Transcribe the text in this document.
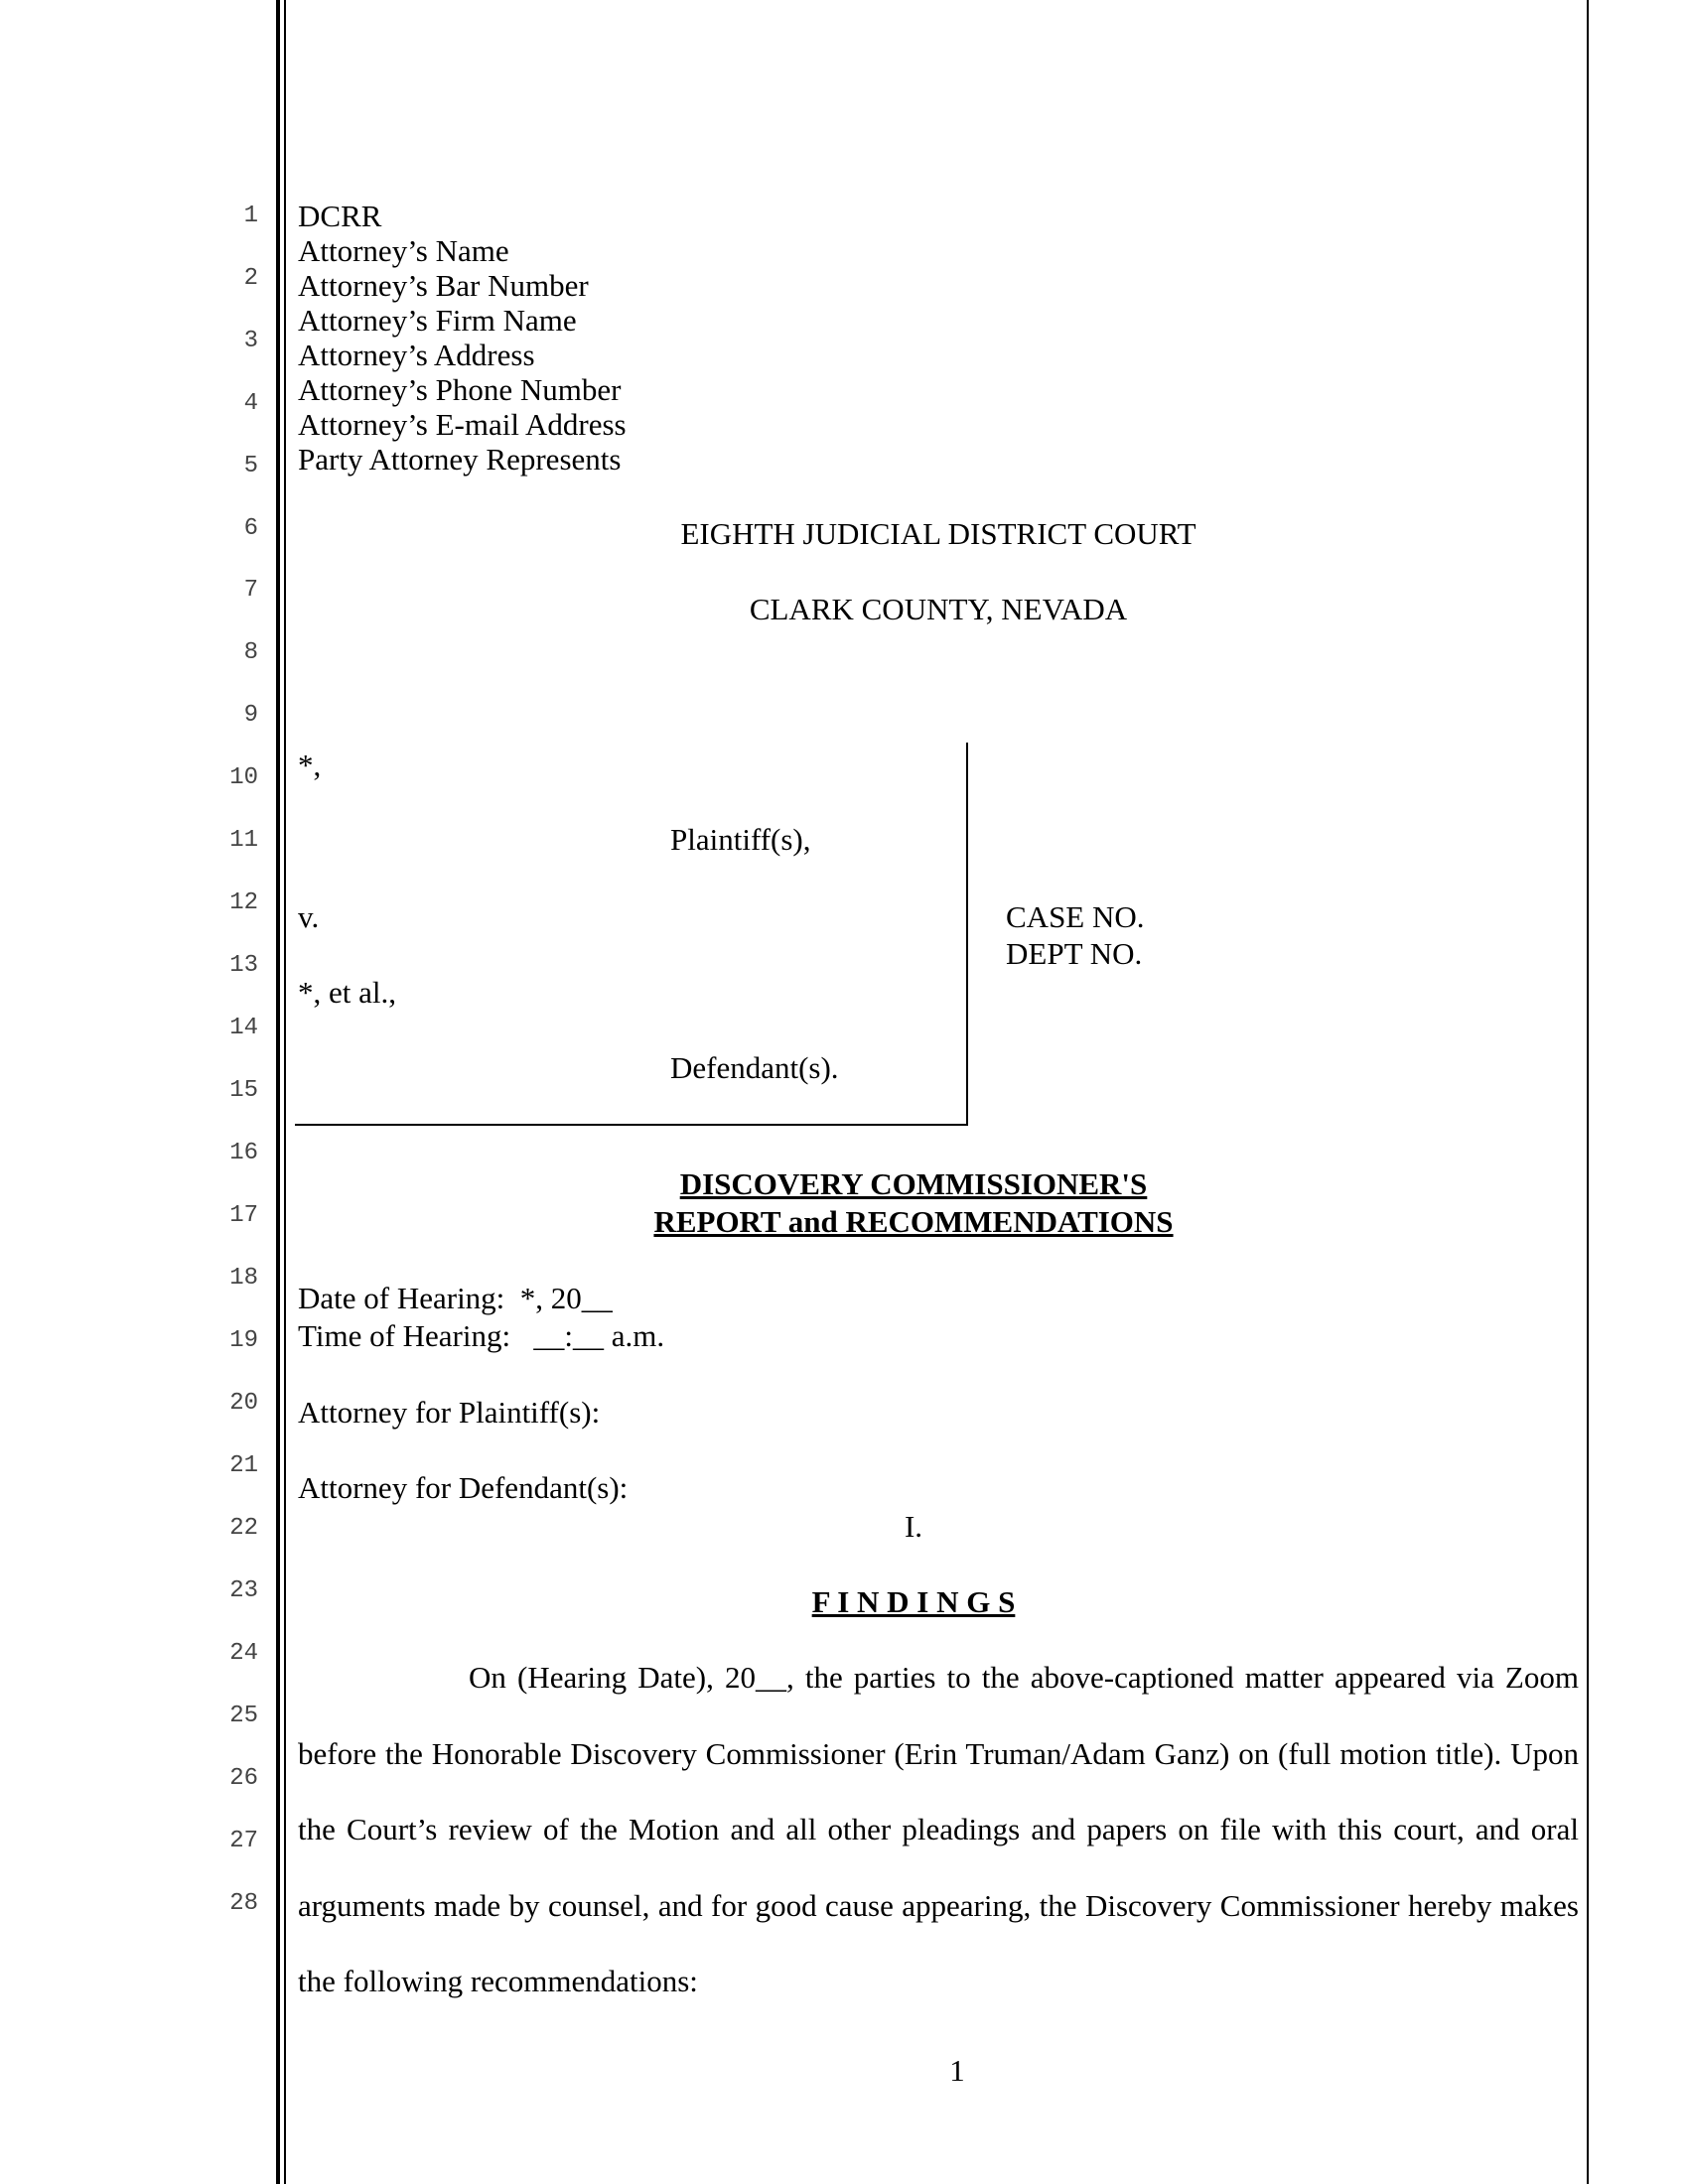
1
2
3
4
5
6
7
8
9
10
11
12
13
14
15
16
17
18
19
20
21
22
23
24
25
26
27
28
DCRR
Attorney’s Name
Attorney’s Bar Number
Attorney’s Firm Name
Attorney’s Address
Attorney’s Phone Number
Attorney’s E-mail Address
Party Attorney Represents
EIGHTH JUDICIAL DISTRICT COURT
CLARK COUNTY, NEVADA
*,
Plaintiff(s),
v.
*, et al.,
Defendant(s).
CASE NO.
DEPT NO.
DISCOVERY COMMISSIONER'S
REPORT and RECOMMENDATIONS
Date of Hearing:  *, 20__
Time of Hearing:   __:__ a.m.
Attorney for Plaintiff(s):
Attorney for Defendant(s):
I.
F I N D I N G S
On (Hearing Date), 20__, the parties to the above-captioned matter appeared via Zoom before the Honorable Discovery Commissioner (Erin Truman/Adam Ganz) on (full motion title). Upon the Court’s review of the Motion and all other pleadings and papers on file with this court, and oral arguments made by counsel, and for good cause appearing, the Discovery Commissioner hereby makes the following recommendations:
1
